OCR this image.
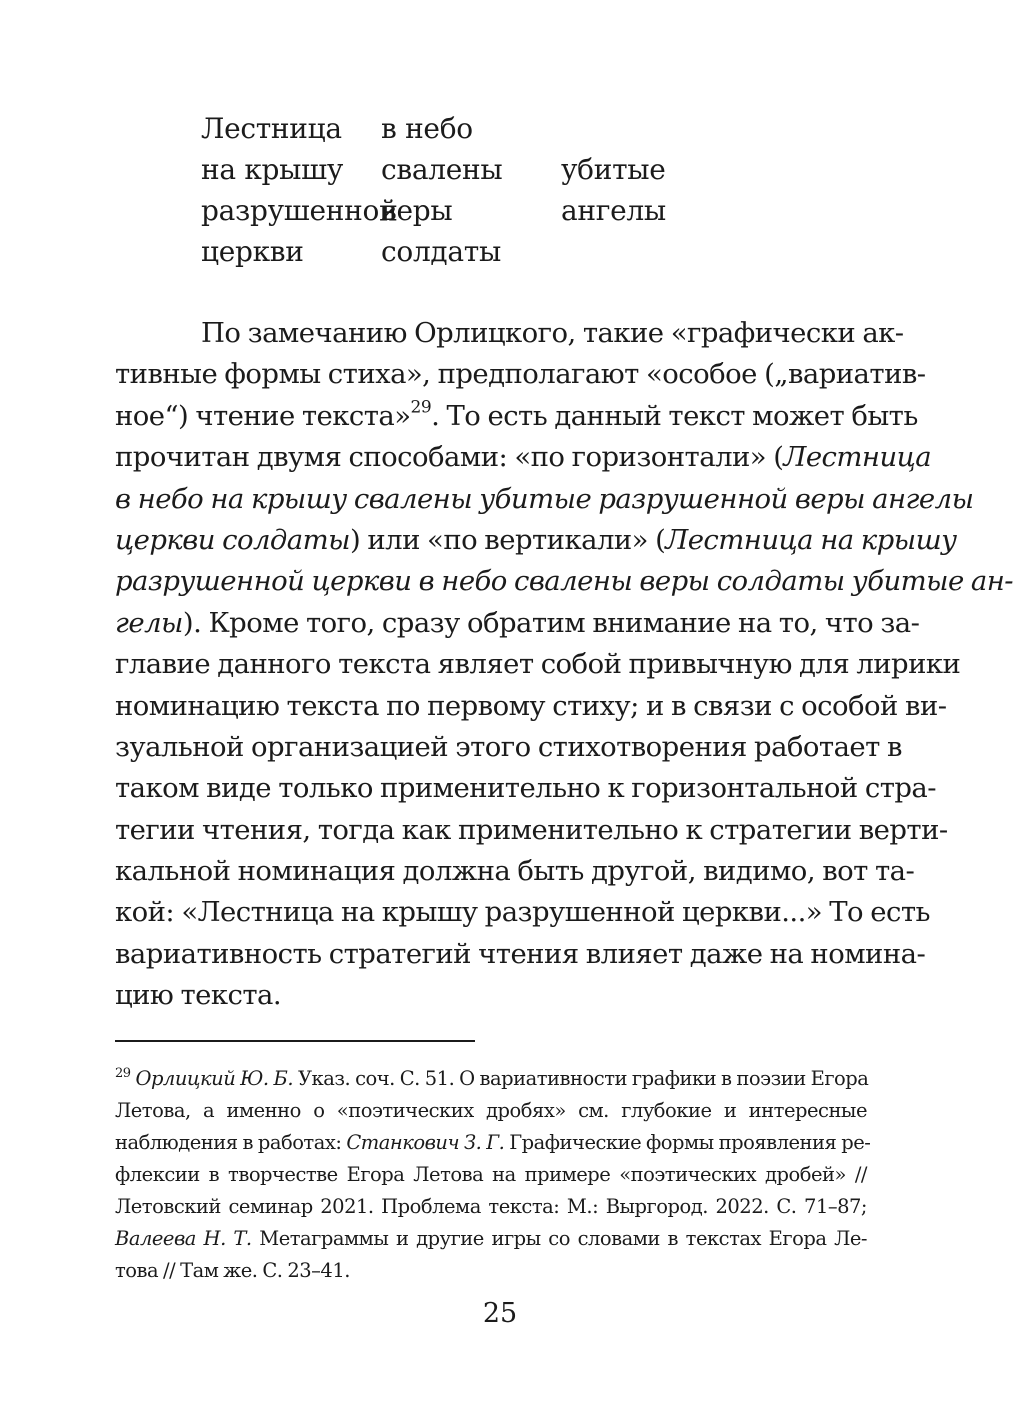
Лестница в небо
на крышу свалены убитые
разрушенной
веры	ангелы
церкви	солдаты
По замечанию Орлицкого, такие «графически ак-
тивные формы стиха», предполагают «особое („вариатив-
ное“) чтение текста»$^{29}$. То есть данный текст может быть
прочитан двумя способами: «по горизонтали» (Лестница
в небо на крышу свалены убитые разрушенной веры ангелы
церкви солдаты) или «по вертикали» (Лестница на крышу
разрушенной церкви в небо свалены веры солдаты убитые ан-
гелы). Кроме того, сразу обратим внимание на то, что за-
главие данного текста являет собой привычную для лирики
номинацию текста по первому стиху; и в связи с особой ви-
зуальной организацией этого стихотворения работает в
таком виде только применительно к горизонтальной стра-
тегии чтения, тогда как применительно к стратегии верти-
кальной номинация должна быть другой, видимо, вот та-
кой: «Лестница на крышу разрушенной церкви...» То есть
вариативность стратегий чтения влияет даже на номина-
цию текста.
$^{29}$ Орлицкий Ю. Б. Указ. соч. С. 51. О вариативности графики в поэзии Егора
Летова, а именно о «поэтических дробях» см. глубокие и интересные
наблюдения в работах: Станкович З. Г. Графические формы проявления ре-
флексии в творчестве Егора Летова на примере «поэтических дробей» //
Летовский семинар 2021. Проблема текста: М.: Выргород. 2022. С. 71–87;
Валеева Н. Т. Метаграммы и другие игры со словами в текстах Егора Ле-
това // Там же. С. 23–41.
25
